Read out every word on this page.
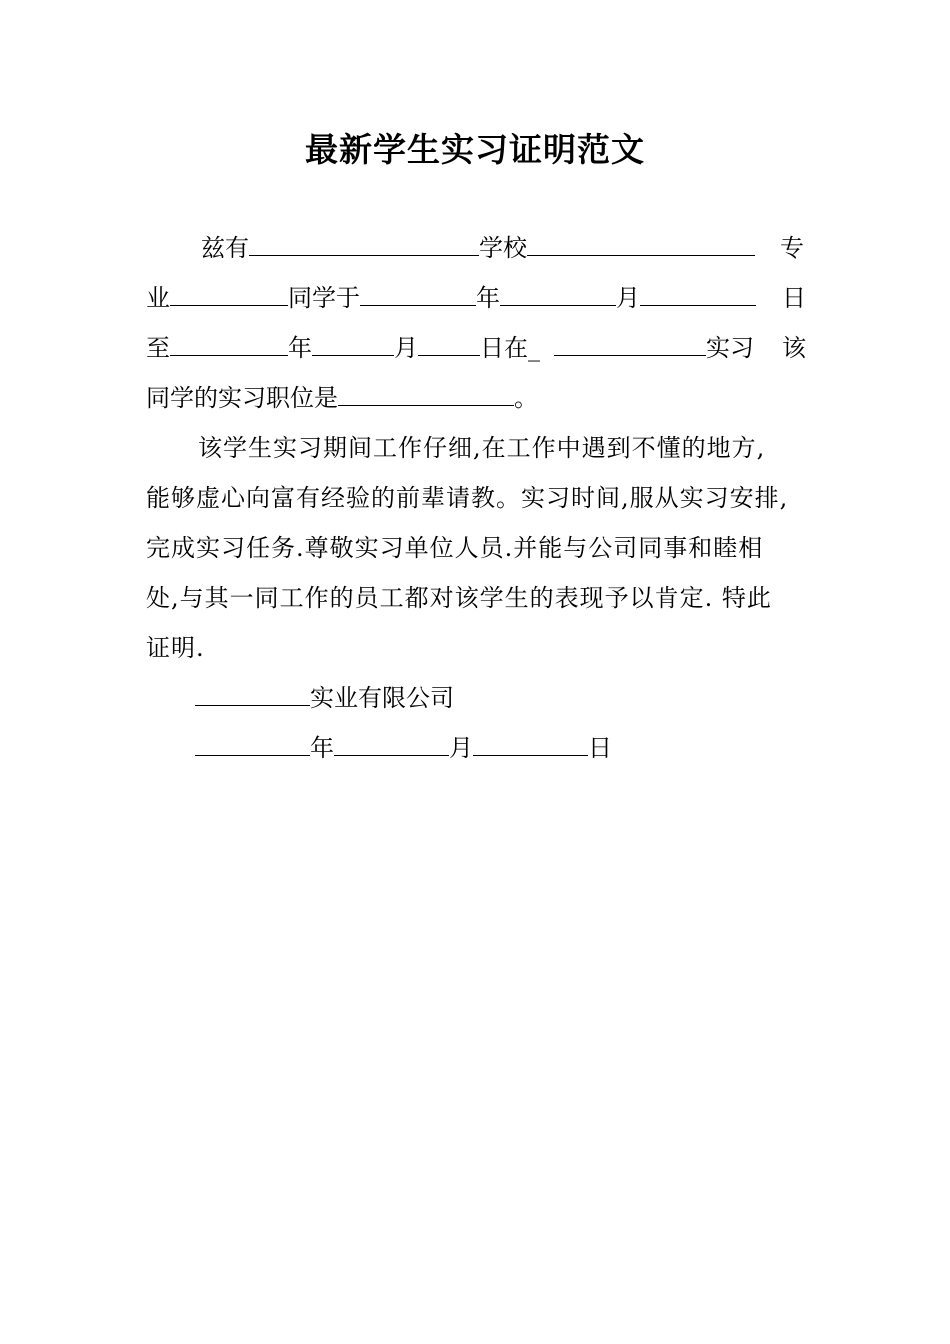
最新学生实习证明范文
兹有	学校	专
业	同学于	年	月	日
至	年	月	日在_	实习 该
同学的实习职位是	。
该学生实习期间工作仔细,在工作中遇到不懂的地方,
能够虚心向富有经验的前辈请教。实习时间,服从实习安排,
完成实习任务.尊敬实习单位人员.并能与公司同事和睦相
处,与其一同工作的员工都对该学生的表现予以肯定. 特此
证明.
实业有限公司
年	月	日
